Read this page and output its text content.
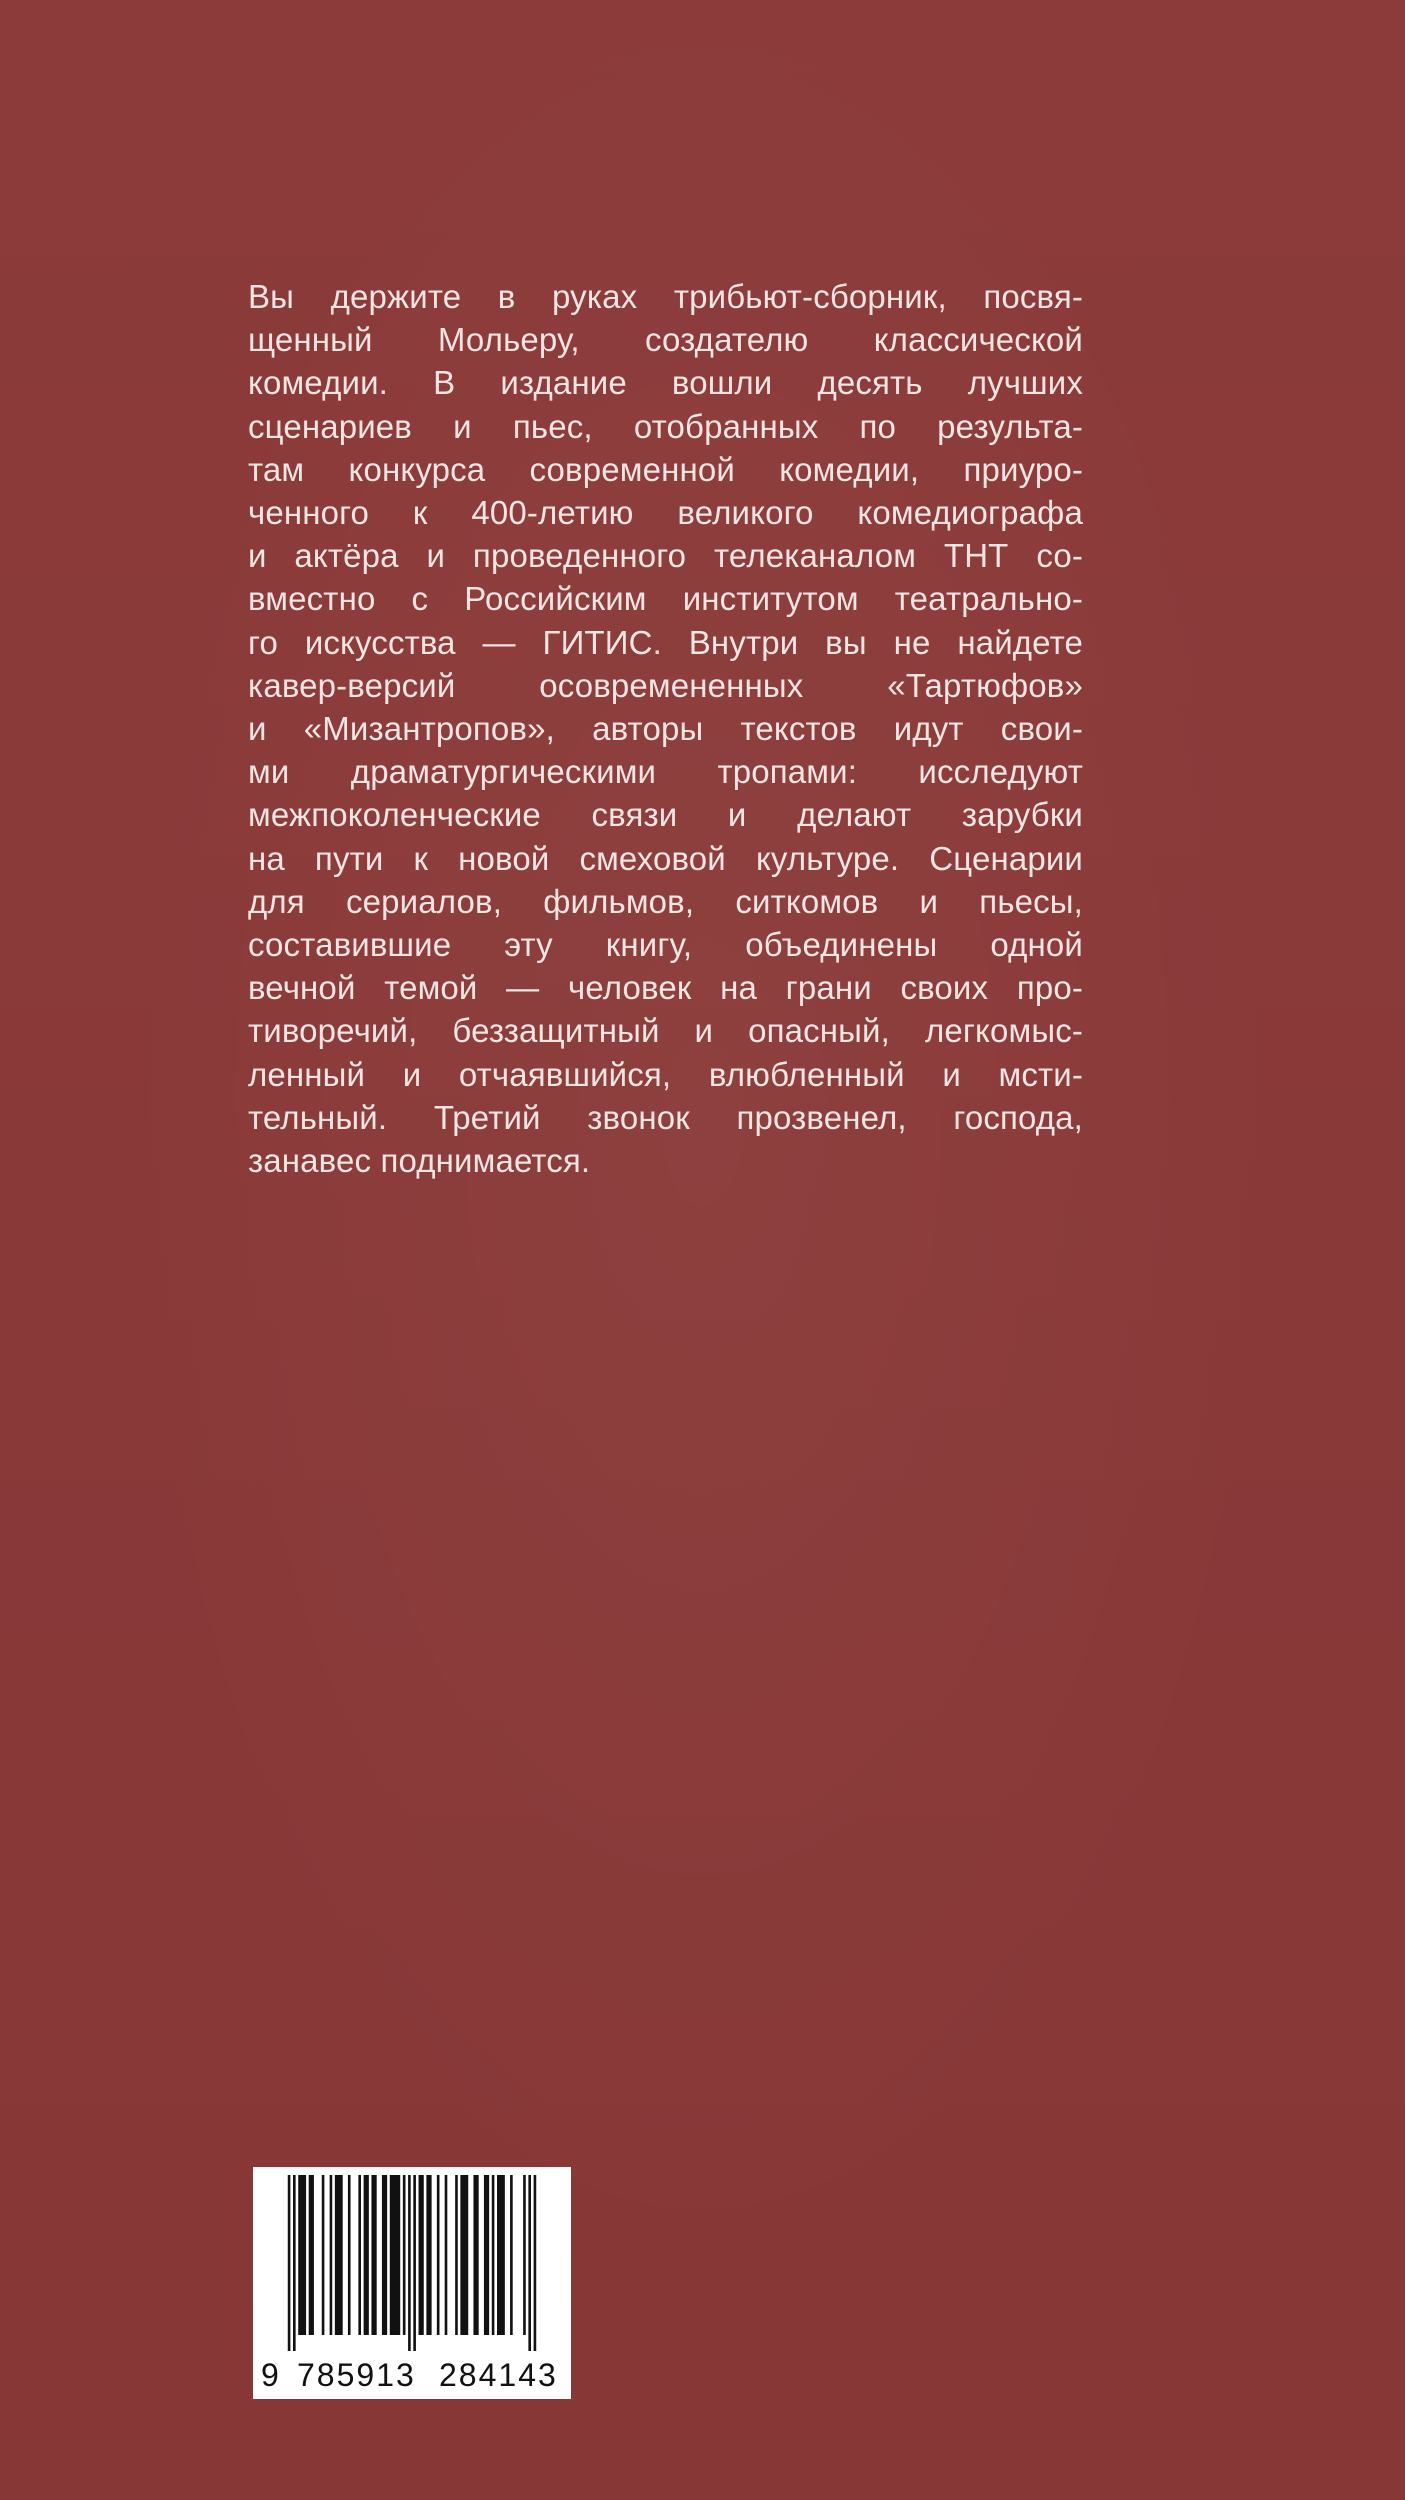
Вы держите в руках трибьют-сборник, посвя-
щенный Мольеру, создателю классической
комедии. В издание вошли десять лучших
сценариев и пьес, отобранных по результа-
там конкурса современной комедии, приуро-
ченного к 400-летию великого комедиографа
и актёра и проведенного телеканалом ТНТ со-
вместно с Российским институтом театрально-
го искусства — ГИТИС. Внутри вы не найдете
кавер-версий осовремененных «Тартюфов»
и «Мизантропов», авторы текстов идут свои-
ми драматургическими тропами: исследуют
межпоколенческие связи и делают зарубки
на пути к новой смеховой культуре. Сценарии
для сериалов, фильмов, ситкомов и пьесы,
составившие эту книгу, объединены одной
вечной темой — человек на грани своих про-
тиворечий, беззащитный и опасный, легкомыс-
ленный и отчаявшийся, влюбленный и мсти-
тельный. Третий звонок прозвенел, господа,
занавес поднимается.

9 785913 284143
